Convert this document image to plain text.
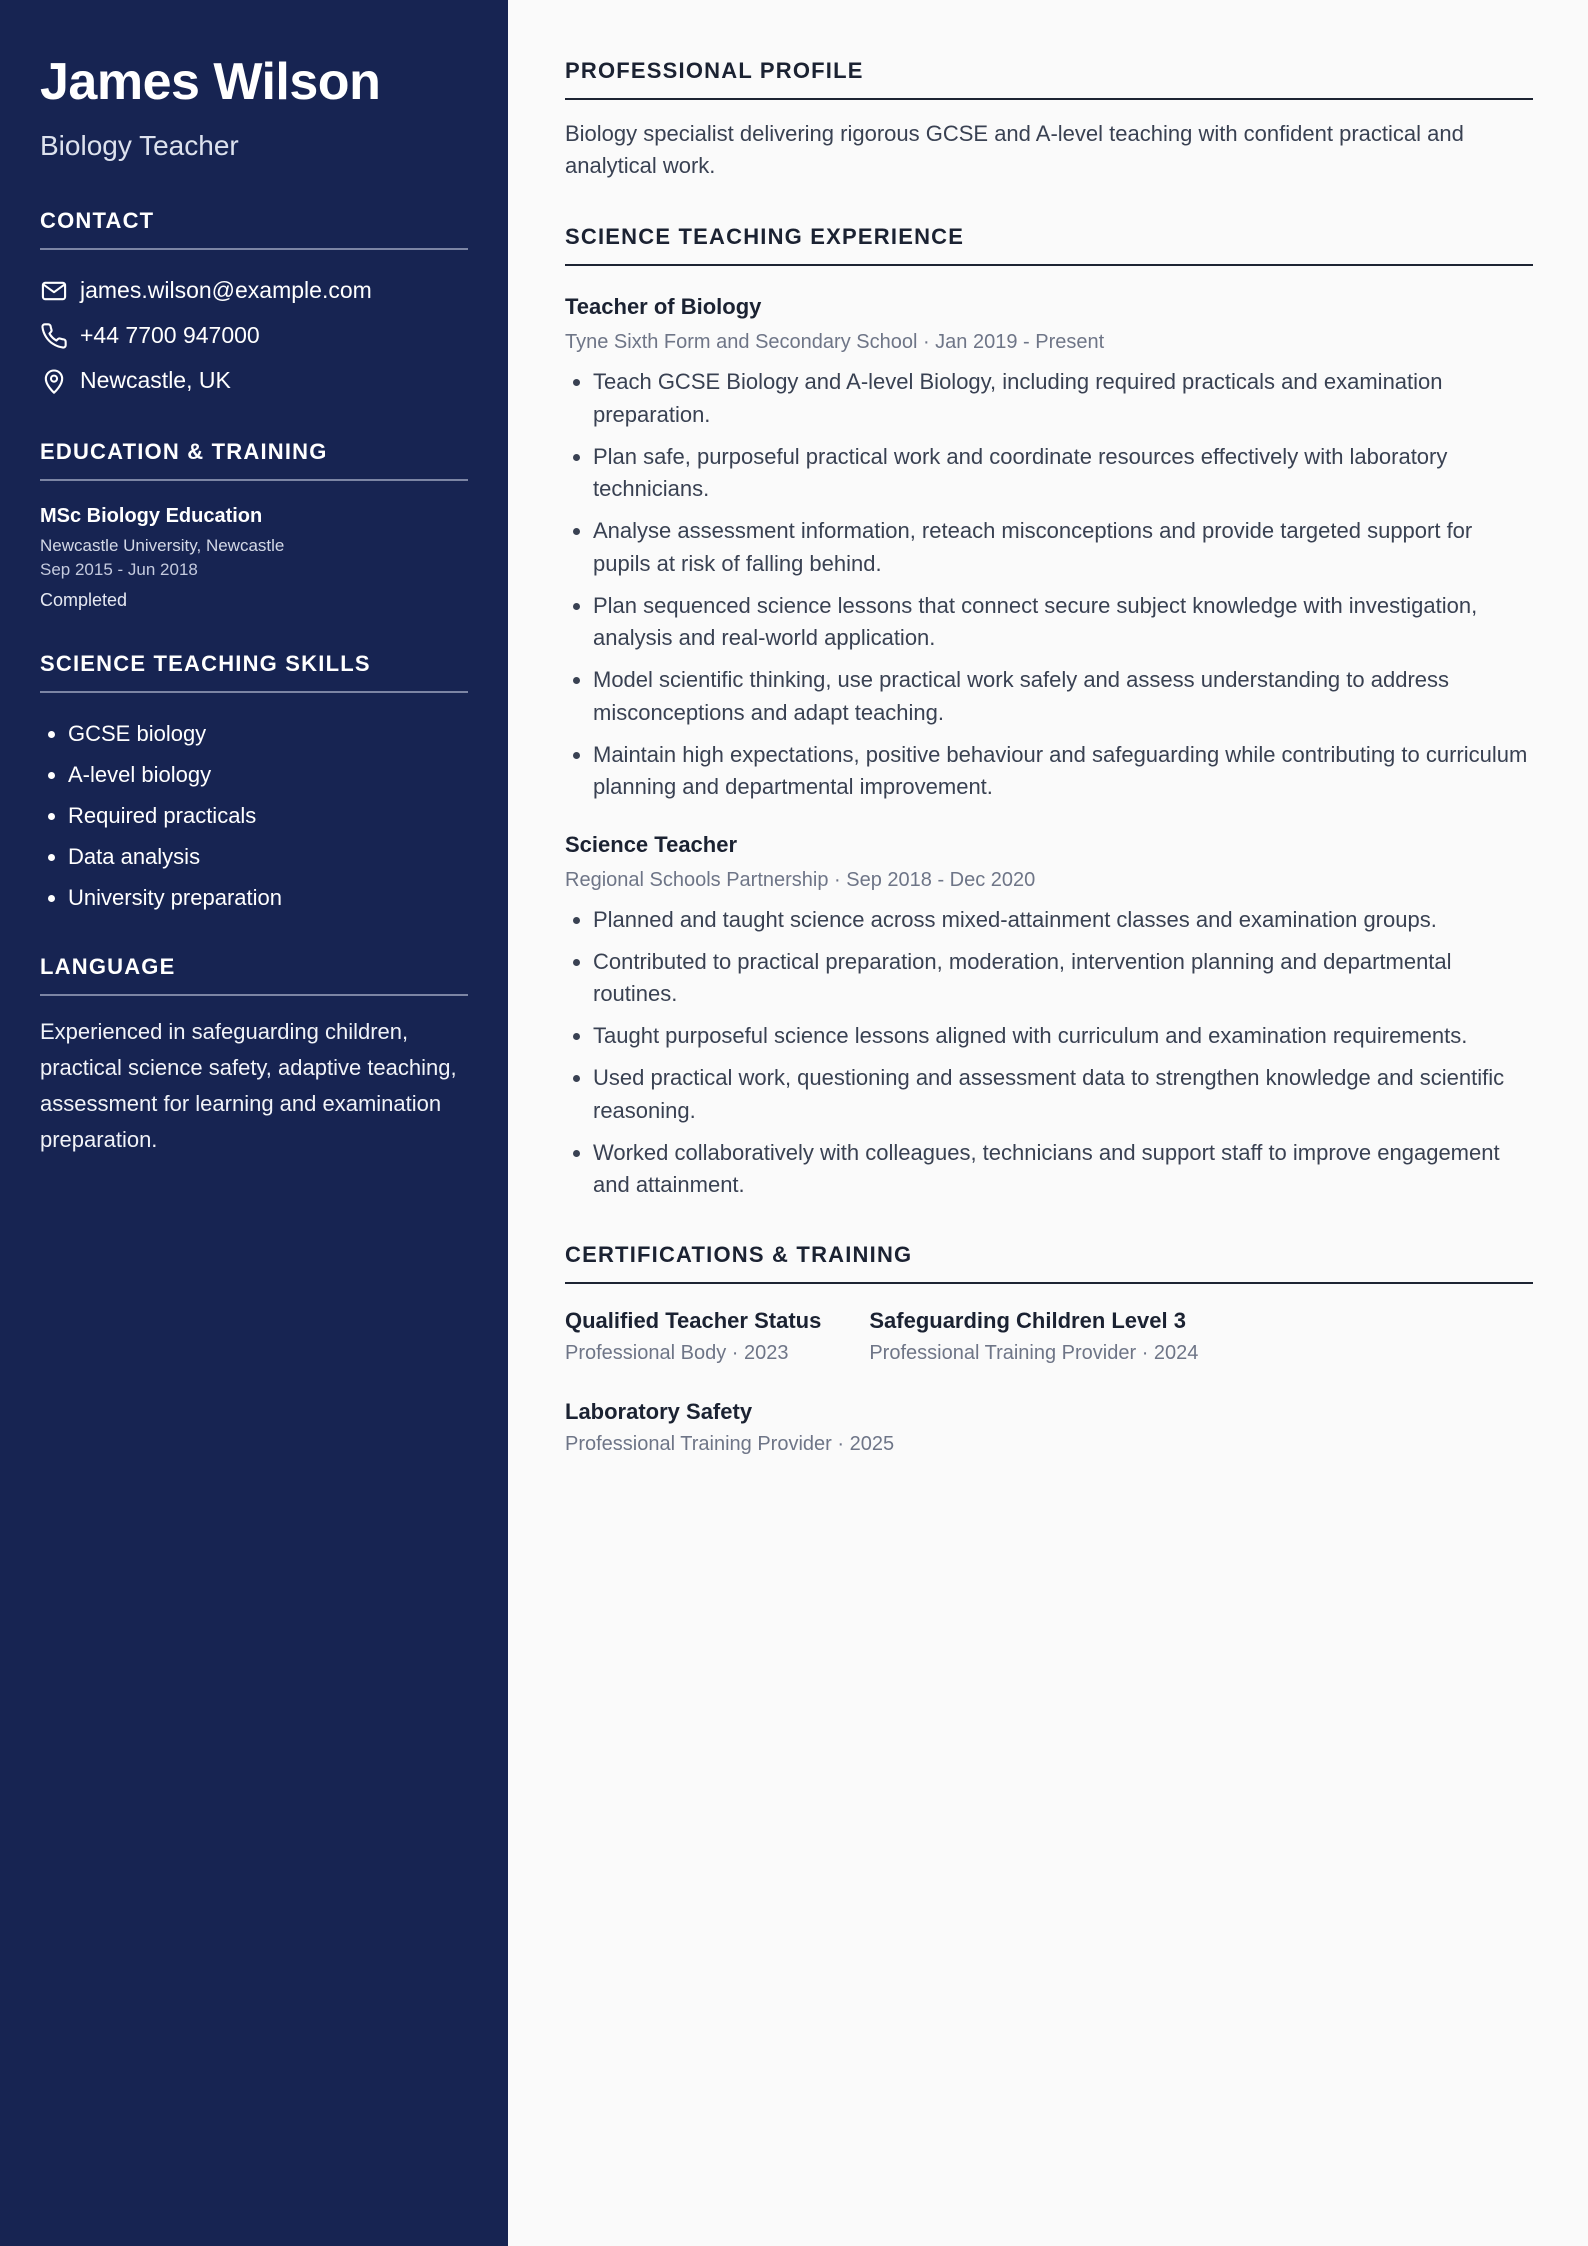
James Wilson
Biology Teacher
CONTACT
james.wilson@example.com
+44 7700 947000
Newcastle, UK
EDUCATION & TRAINING
MSc Biology Education
Newcastle University, Newcastle
Sep 2015 - Jun 2018
Completed
SCIENCE TEACHING SKILLS
• GCSE biology
• A-level biology
• Required practicals
• Data analysis
• University preparation
LANGUAGE
Experienced in safeguarding children, practical science safety, adaptive teaching, assessment for learning and examination preparation.
PROFESSIONAL PROFILE
Biology specialist delivering rigorous GCSE and A-level teaching with confident practical and analytical work.
SCIENCE TEACHING EXPERIENCE
Teacher of Biology
Tyne Sixth Form and Secondary School · Jan 2019 - Present
• Teach GCSE Biology and A-level Biology, including required practicals and examination preparation.
• Plan safe, purposeful practical work and coordinate resources effectively with laboratory technicians.
• Analyse assessment information, reteach misconceptions and provide targeted support for pupils at risk of falling behind.
• Plan sequenced science lessons that connect secure subject knowledge with investigation, analysis and real-world application.
• Model scientific thinking, use practical work safely and assess understanding to address misconceptions and adapt teaching.
• Maintain high expectations, positive behaviour and safeguarding while contributing to curriculum planning and departmental improvement.
Science Teacher
Regional Schools Partnership · Sep 2018 - Dec 2020
• Planned and taught science across mixed-attainment classes and examination groups.
• Contributed to practical preparation, moderation, intervention planning and departmental routines.
• Taught purposeful science lessons aligned with curriculum and examination requirements.
• Used practical work, questioning and assessment data to strengthen knowledge and scientific reasoning.
• Worked collaboratively with colleagues, technicians and support staff to improve engagement and attainment.
CERTIFICATIONS & TRAINING
Qualified Teacher Status
Professional Body · 2023
Safeguarding Children Level 3
Professional Training Provider · 2024
Laboratory Safety
Professional Training Provider · 2025
